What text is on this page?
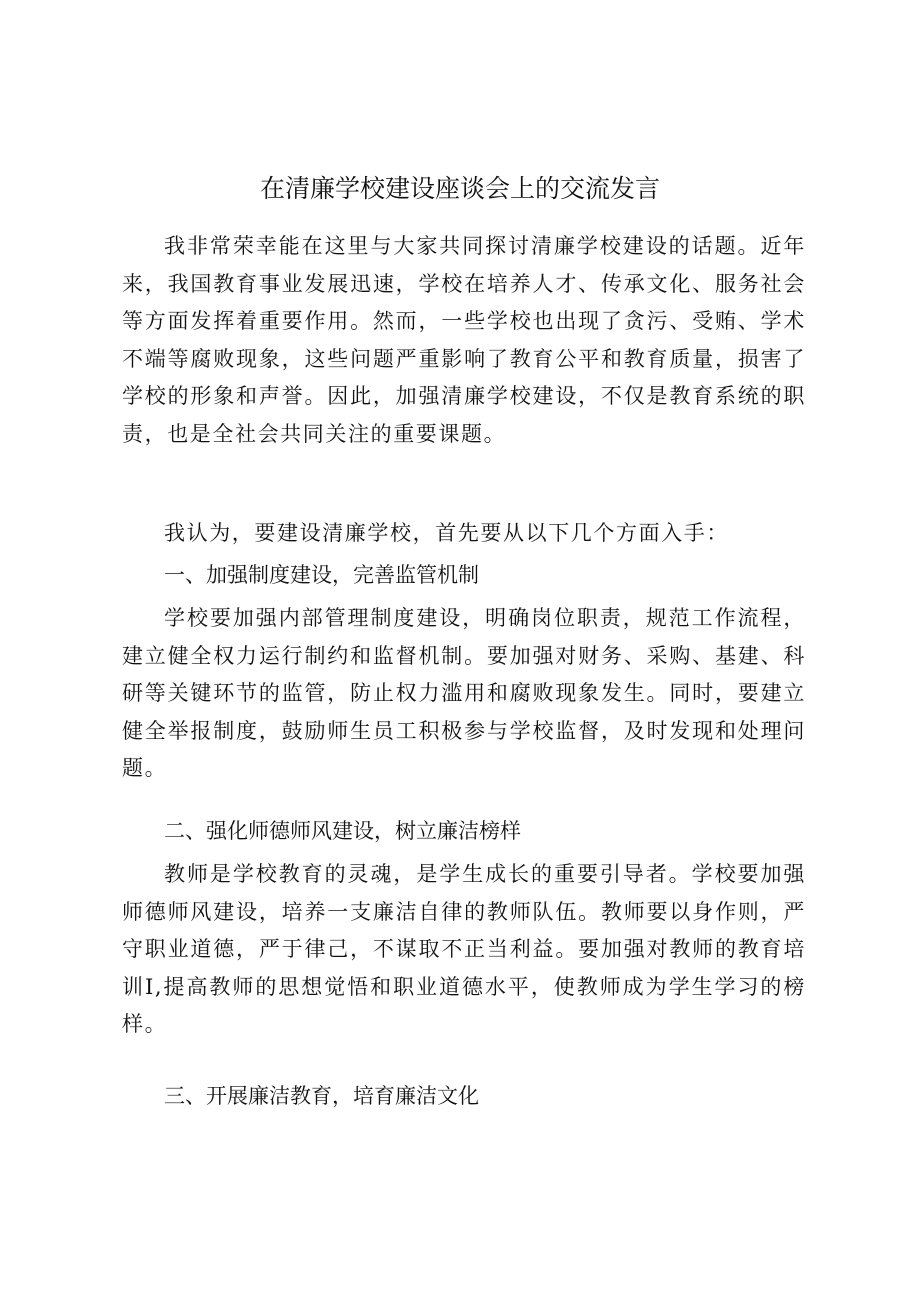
在清廉学校建设座谈会上的交流发言

我非常荣幸能在这里与大家共同探讨清廉学校建设的话题。近年来，我国教育事业发展迅速，学校在培养人才、传承文化、服务社会等方面发挥着重要作用。然而，一些学校也出现了贪污、受贿、学术不端等腐败现象，这些问题严重影响了教育公平和教育质量，损害了学校的形象和声誉。因此，加强清廉学校建设，不仅是教育系统的职责，也是全社会共同关注的重要课题。

我认为，要建设清廉学校，首先要从以下几个方面入手：

一、加强制度建设，完善监管机制

学校要加强内部管理制度建设，明确岗位职责，规范工作流程，建立健全权力运行制约和监督机制。要加强对财务、采购、基建、科研等关键环节的监管，防止权力滥用和腐败现象发生。同时，要建立健全举报制度，鼓励师生员工积极参与学校监督，及时发现和处理问题。

二、强化师德师风建设，树立廉洁榜样

教师是学校教育的灵魂，是学生成长的重要引导者。学校要加强师德师风建设，培养一支廉洁自律的教师队伍。教师要以身作则，严守职业道德，严于律己，不谋取不正当利益。要加强对教师的教育培训I,提高教师的思想觉悟和职业道德水平，使教师成为学生学习的榜样。

三、开展廉洁教育，培育廉洁文化
